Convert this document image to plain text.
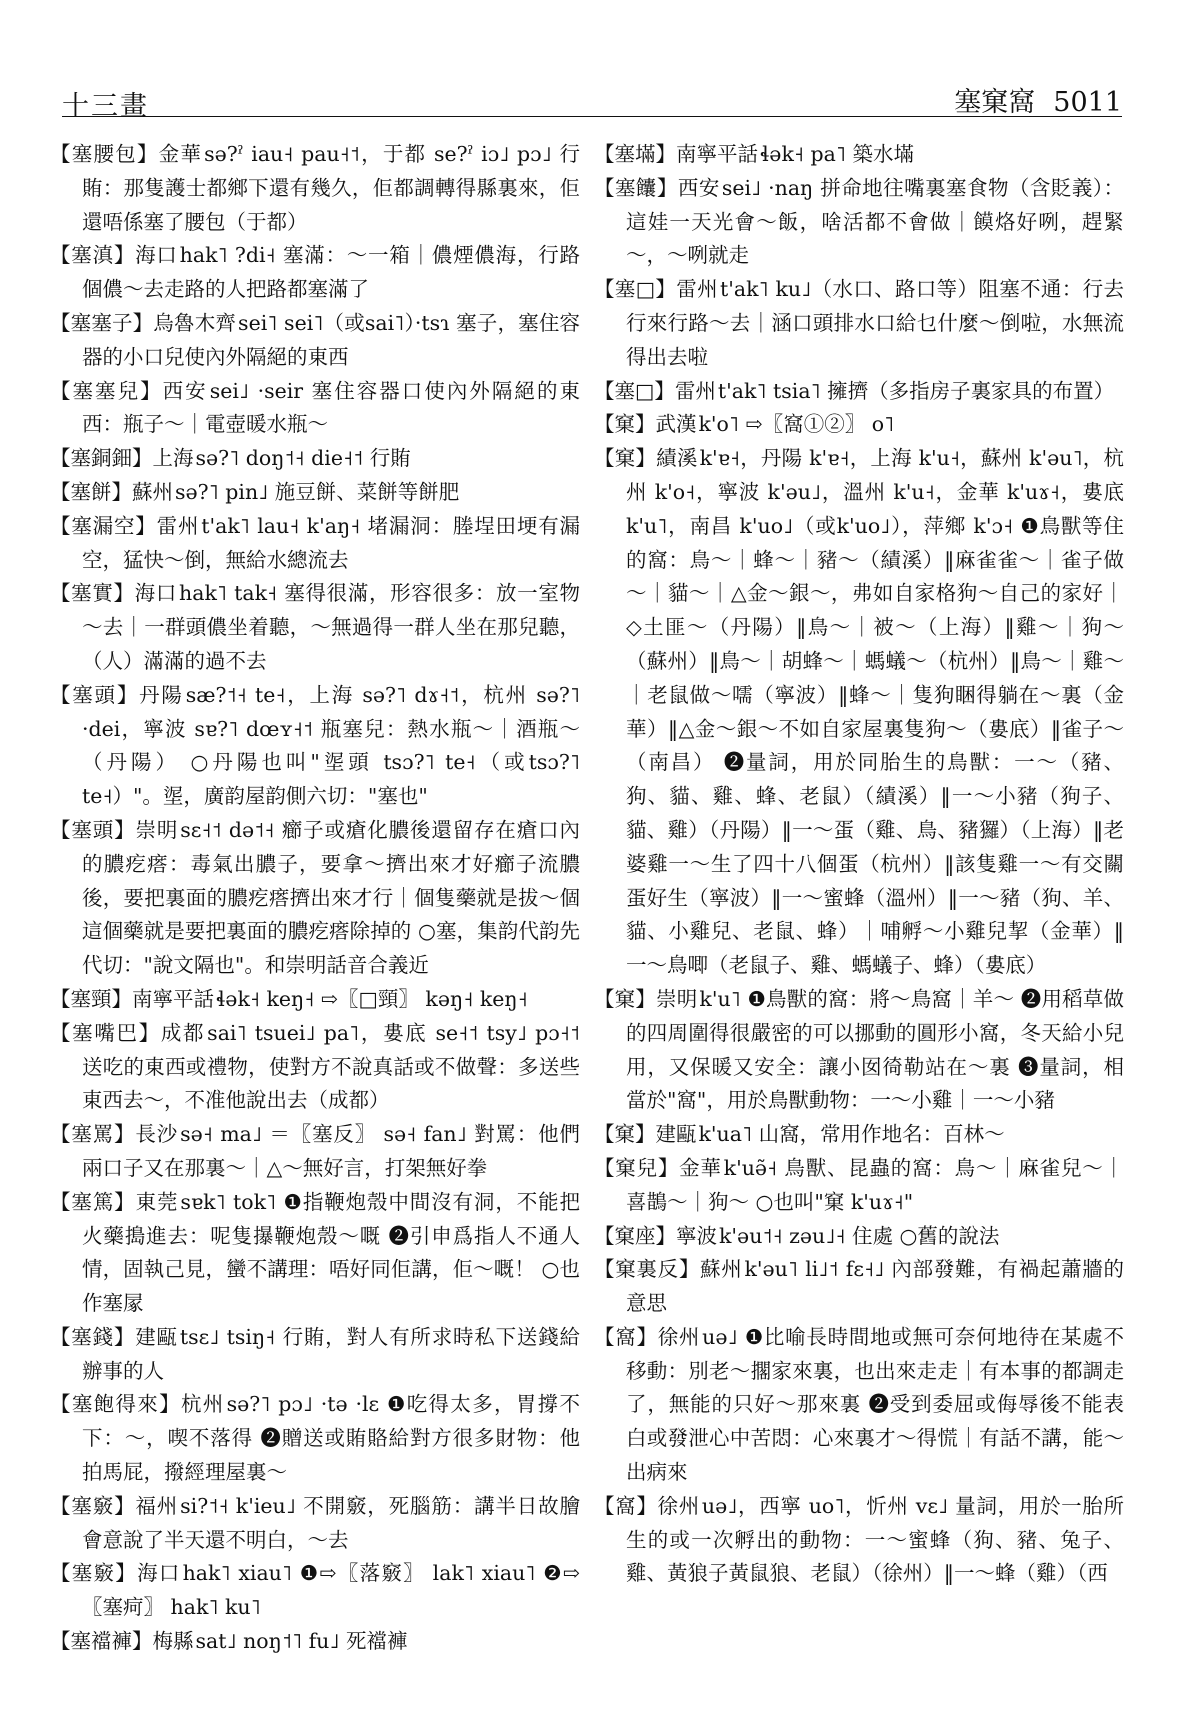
十三畫	塞窠窩 5011
【塞腰包】金華sə?ˀ iau˧ pau˧˦，于都 se?ˀ iɔ˩ pɔ˩ 行賄：那隻護士都鄉下還有幾久，佢都調轉得縣裏來，佢還唔係塞了腰包（于都）
【塞滇】海口hak˥ ?di˧ 塞滿：～一箱｜儂煙儂海，行路個儂～去走路的人把路都塞滿了
【塞塞子】烏魯木齊sei˥ sei˥（或sai˥）·tsɿ 塞子，塞住容器的小口兒使內外隔絕的東西
【塞塞兒】西安sei˩ ·seir 塞住容器口使內外隔絕的東西：瓶子～｜電壺暖水瓶～
【塞銅鈿】上海sə?˥ doŋ˦˧ die˧˦ 行賄
【塞餅】蘇州sə?˥ pin˩ 施豆餅、菜餅等餅肥
【塞漏空】雷州t'ak˥ lau˧ k'aŋ˧ 堵漏洞：塍埕田埂有漏空，猛快～倒，無給水總流去
【塞實】海口hak˥ tak˧ 塞得很滿，形容很多：放一室物～去｜一群頭儂坐着聽，～無過得一群人坐在那兒聽，（人）滿滿的過不去
【塞頭】丹陽sæ?˦˧ te˧，上海 sə?˥ dɤ˧˦，杭州 sə?˥ ·dei，寧波 sɐ?˥ dœʏ˧˦ 瓶塞兒：熱水瓶～｜酒瓶～（丹陽） ○丹陽也叫"埿頭 tsɔ?˥ te˧（或tsɔ?˥ te˧）"。埿，廣韵屋韵側六切："塞也"
【塞頭】崇明sɛ˧˦ də˦˧ 癤子或瘡化膿後還留存在瘡口內的膿疙瘩：毒氣出膿子，要拿～擠出來才好癤子流膿後，要把裏面的膿疙瘩擠出來才行｜個隻藥就是拔～個這個藥就是要把裏面的膿疙瘩除掉的 ○塞，集韵代韵先代切："說文隔也"。和崇明話音合義近
【塞頸】南寧平話ɬək˧ keŋ˧ ⇨〖□頸〗 kəŋ˧ keŋ˧
【塞嘴巴】成都sai˥ tsuei˩ pa˥，婁底 se˧˦ tsy˩ pɔ˧˦ 送吃的東西或禮物，使對方不說真話或不做聲：多送些東西去～，不准他說出去（成都）
【塞罵】長沙sə˧ ma˩ ＝〖塞反〗 sə˧ fan˩ 對罵：他們兩口子又在那裏～｜△～無好言，打架無好拳
【塞篤】東莞sɐk˥ tok˥ ❶指鞭炮殼中間沒有洞，不能把火藥搗進去：呢隻㩧鞭炮殼～嘅 ❷引申爲指人不通人情，固執己見，蠻不講理：唔好同佢講，佢～嘅！ ○也作塞㞘
【塞錢】建甌tsɛ˩ tsiŋ˧ 行賄，對人有所求時私下送錢給辦事的人
【塞飽得來】杭州sə?˥ pɔ˩ ·tə ·lɛ ❶吃得太多，胃撐不下：～，喫不落得 ❷贈送或賄賂給對方很多財物：他拍馬屁，撥經理屋裏～
【塞竅】福州si?˦˧ k'ieu˩ 不開竅，死腦筋：講半日故膾會意說了半天還不明白，～去
【塞竅】海口hak˥ xiau˥ ❶⇨〖落竅〗 lak˥ xiau˥ ❷⇨〖塞疴〗 hak˥ ku˥
【塞襠褲】梅縣sat˩ noŋ˦˥ fu˩ 死襠褲
【塞㙢】南寧平話ɬək˧ pa˥ 築水㙢
【塞饢】西安sei˩ ·naŋ 拼命地往嘴裏塞食物（含貶義）：這娃一天光會～飯，啥活都不會做｜饃烙好咧，趕緊～，～咧就走
【塞□】雷州t'ak˥ ku˩（水口、路口等）阻塞不通：行去行來行路～去｜涵口頭排水口給乜什麼～倒啦，水無流得出去啦
【塞□】雷州t'ak˥ tsia˥ 擁擠（多指房子裏家具的布置）
【窠】武漢k'o˥ ⇨〖窩①②〗 o˥
【窠】績溪k'ɐ˧，丹陽 k'ɐ˧，上海 k'u˧，蘇州 k'əu˥，杭州 k'o˧，寧波 k'əu˩，溫州 k'u˧，金華 k'uɤ˧，婁底 k'u˥，南昌 k'uo˩（或k'uo˩），萍鄉 k'ɔ˧ ❶鳥獸等住的窩：鳥～｜蜂～｜豬～（績溪）‖麻雀雀～｜雀子做～｜貓～｜△金～銀～，弗如自家格狗～自己的家好｜◇土匪～（丹陽）‖鳥～｜被～（上海）‖雞～｜狗～（蘇州）‖鳥～｜胡蜂～｜螞蟻～（杭州）‖鳥～｜雞～｜老鼠做～嚅（寧波）‖蜂～｜隻狗睏得躺在～裏（金華）‖△金～銀～不如自家屋裏隻狗～（婁底）‖雀子～（南昌） ❷量詞，用於同胎生的鳥獸：一～（豬、狗、貓、雞、蜂、老鼠）（績溪）‖一～小豬（狗子、貓、雞）（丹陽）‖一～蛋（雞、鳥、豬玀）（上海）‖老婆雞一～生了四十八個蛋（杭州）‖該隻雞一～有交關蛋好生（寧波）‖一～蜜蜂（溫州）‖一～豬（狗、羊、貓、小雞兒、老鼠、蜂）｜哺孵～小雞兒挈（金華）‖一～鳥唧（老鼠子、雞、螞蟻子、蜂）（婁底）
【窠】崇明k'u˥ ❶鳥獸的窩：將～鳥窩｜羊～ ❷用稻草做的四周圍得很嚴密的可以挪動的圓形小窩，冬天給小兒用，又保暖又安全：讓小囡徛勒站在～裏 ❸量詞，相當於"窩"，用於鳥獸動物：一～小雞｜一～小豬
【窠】建甌k'ua˥ 山窩，常用作地名：百林～
【窠兒】金華k'uə̃˧ 鳥獸、昆蟲的窩：鳥～｜麻雀兒～｜喜鵲～｜狗～ ○也叫"窠 k'uɤ˧"
【窠座】寧波k'əu˦˧ zəu˩˧ 住處 ○舊的說法
【窠裏反】蘇州k'əu˥ li˩˦ fɛ˧˩ 內部發難，有禍起蕭牆的意思
【窩】徐州uə˩ ❶比喻長時間地或無可奈何地待在某處不移動：別老～擱家來裏，也出來走走｜有本事的都調走了，無能的只好～那來裏 ❷受到委屈或侮辱後不能表白或發泄心中苦悶：心來裏才～得慌｜有話不講，能～出病來
【窩】徐州uə˩，西寧 uo˥，忻州 vɛ˩ 量詞，用於一胎所生的或一次孵出的動物：一～蜜蜂（狗、豬、兔子、雞、黃狼子黃鼠狼、老鼠）（徐州）‖一～蜂（雞）（西
